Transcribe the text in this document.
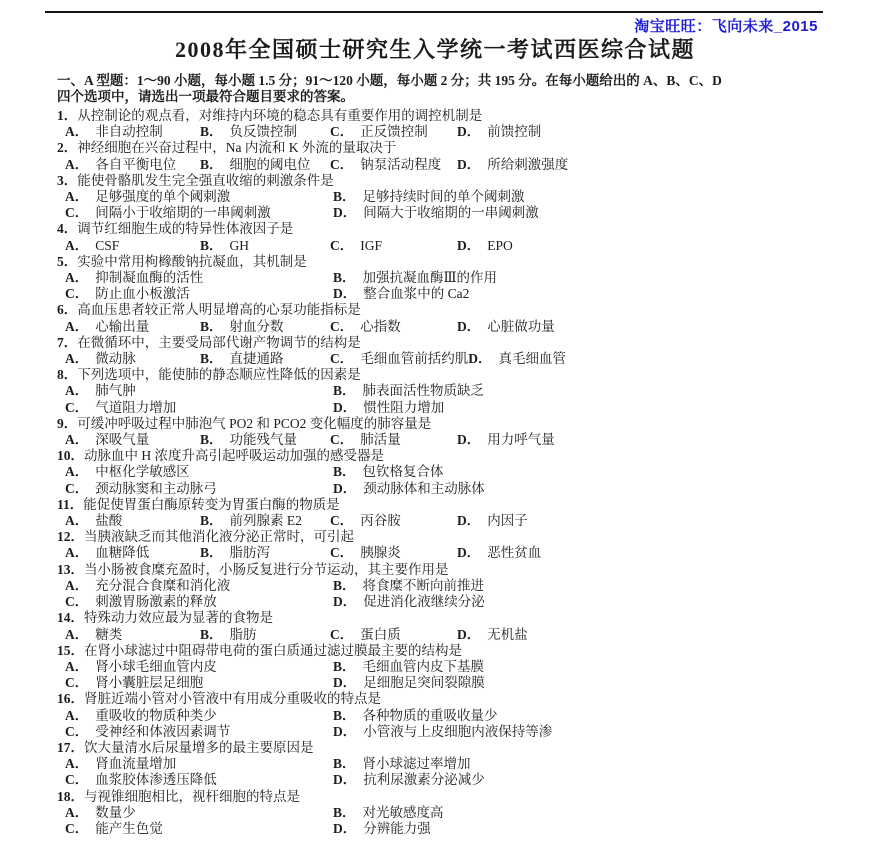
淘宝旺旺：飞向未来_2015
2008年全国硕士研究生入学统一考试西医综合试题

一、A 型题：1～90 小题，每小题 1.5 分；91～120 小题，每小题 2 分；共 195 分。在每小题给出的 A、B、C、D
四个选项中，请选出一项最符合题目要求的答案。

1．从控制论的观点看，对维持内环境的稳态具有重要作用的调控机制是
A． 非自动控制	B． 负反馈控制	C． 正反馈控制	D． 前馈控制
2．神经细胞在兴奋过程中，Na 内流和 K 外流的量取决于
A． 各自平衡电位	B． 细胞的阈电位	C． 钠泵活动程度	D． 所给刺激强度
3．能使骨骼肌发生完全强直收缩的刺激条件是
A． 足够强度的单个阈刺激	B． 足够持续时间的单个阈刺激
C． 间隔小于收缩期的一串阈刺激	D． 间隔大于收缩期的一串阈刺激
4．调节红细胞生成的特异性体液因子是
A． CSF	B． GH	C． IGF	D． EPO
5．实验中常用枸橼酸钠抗凝血，其机制是
A． 抑制凝血酶的活性	B． 加强抗凝血酶Ⅲ的作用
C． 防止血小板激活	D． 整合血浆中的 Ca2
6．高血压患者较正常人明显增高的心泵功能指标是
A． 心输出量	B． 射血分数	C． 心指数	D． 心脏做功量
7．在微循环中，主要受局部代谢产物调节的结构是
A． 微动脉	B． 直捷通路	C． 毛细血管前括约肌 D． 真毛细血管
8．下列选项中，能使肺的静态顺应性降低的因素是
A． 肺气肿	B． 肺表面活性物质缺乏
C． 气道阻力增加	D． 惯性阻力增加
9．可缓冲呼吸过程中肺泡气 PO2 和 PCO2 变化幅度的肺容量是
A． 深吸气量	B． 功能残气量	C． 肺活量	D． 用力呼气量
10．动脉血中 H 浓度升高引起呼吸运动加强的感受器是
A． 中枢化学敏感区	B． 包钦格复合体
C． 颈动脉窦和主动脉弓	D． 颈动脉体和主动脉体
11．能促使胃蛋白酶原转变为胃蛋白酶的物质是
A． 盐酸	B． 前列腺素 E2	C． 丙谷胺	D． 内因子
12．当胰液缺乏而其他消化液分泌正常时，可引起
A． 血糖降低	B． 脂肪泻	C． 胰腺炎	D． 恶性贫血
13．当小肠被食糜充盈时，小肠反复进行分节运动，其主要作用是
A． 充分混合食糜和消化液	B． 将食糜不断向前推进
C． 刺激胃肠激素的释放	D． 促进消化液继续分泌
14．特殊动力效应最为显著的食物是
A． 糖类	B． 脂肪	C． 蛋白质	D． 无机盐
15．在肾小球滤过中阻碍带电荷的蛋白质通过滤过膜最主要的结构是
A． 肾小球毛细血管内皮	B． 毛细血管内皮下基膜
C． 肾小囊脏层足细胞	D． 足细胞足突间裂隙膜
16．肾脏近端小管对小管液中有用成分重吸收的特点是
A． 重吸收的物质种类少	B． 各种物质的重吸收量少
C． 受神经和体液因素调节	D． 小管液与上皮细胞内液保持等渗
17．饮大量清水后尿量增多的最主要原因是
A． 肾血流量增加	B． 肾小球滤过率增加
C． 血浆胶体渗透压降低	D． 抗利尿激素分泌减少
18．与视锥细胞相比，视杆细胞的特点是
A． 数量少	B． 对光敏感度高
C． 能产生色觉	D． 分辨能力强
